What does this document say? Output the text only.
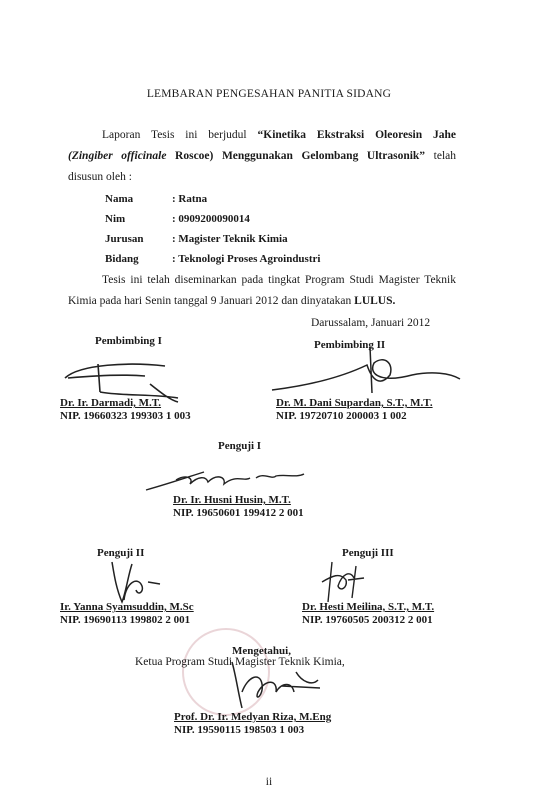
LEMBARAN PENGESAHAN PANITIA SIDANG
Laporan Tesis ini berjudul “Kinetika Ekstraksi Oleoresin Jahe
(Zingiber officinale Roscoe) Menggunakan Gelombang Ultrasonik” telah
disusun oleh :
Nama	: Ratna
Nim	: 0909200090014
Jurusan	: Magister Teknik Kimia
Bidang	: Teknologi Proses Agroindustri
Tesis ini telah diseminarkan pada tingkat Program Studi Magister Teknik
Kimia pada hari Senin tanggal 9 Januari 2012 dan dinyatakan LULUS.
Darussalam, Januari 2012
Pembimbing I
Dr. Ir. Darmadi, M.T.
NIP. 19660323 199303 1 003
Pembimbing II
Dr. M. Dani Supardan, S.T., M.T.
NIP. 19720710 200003 1 002
Penguji I
Dr. Ir. Husni Husin, M.T.
NIP. 19650601 199412 2 001
Penguji II
Ir. Yanna Syamsuddin, M.Sc
NIP. 19690113 199802 2 001
Penguji III
Dr. Hesti Meilina, S.T., M.T.
NIP. 19760505 200312 2 001
Mengetahui,
Ketua Program Studi Magister Teknik Kimia,
Prof. Dr. Ir. Medyan Riza, M.Eng
NIP. 19590115 198503 1 003
ii
